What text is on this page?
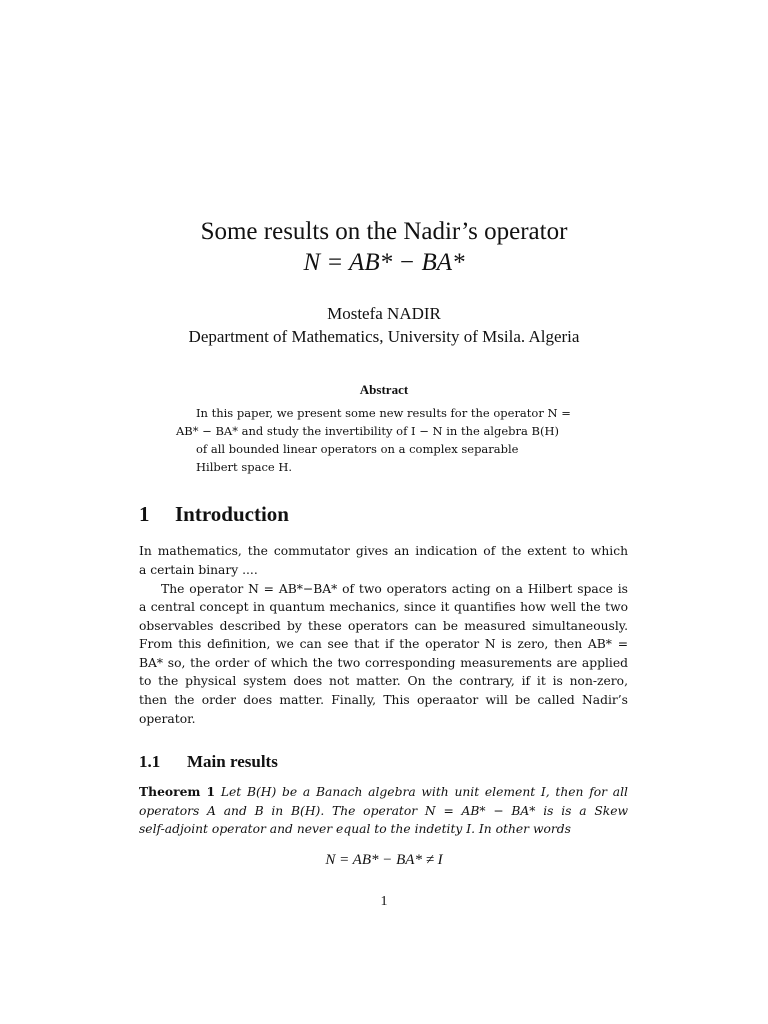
Some results on the Nadir’s operator
N = AB* − BA*
Mostefa NADIR
Department of Mathematics, University of Msila. Algeria
Abstract
In this paper, we present some new results for the operator N =
AB* − BA* and study the invertibility of I − N in the algebra B(H)
of all bounded linear operators on a complex separable
Hilbert space H.
1 Introduction
In mathematics, the commutator gives an indication of the extent to which
a certain binary ....
The operator N = AB*−BA* of two operators acting on a Hilbert space is
a central concept in quantum mechanics, since it quantifies how well the two
observables described by these operators can be measured simultaneously.
From this definition, we can see that if the operator N is zero, then AB* =
BA* so, the order of which the two corresponding measurements are applied
to the physical system does not matter. On the contrary, if it is non-zero,
then the order does matter. Finally, This operaator will be called Nadir’s
operator.
1.1 Main results
Theorem 1 Let B(H) be a Banach algebra with unit element I, then for all
operators A and B in B(H). The operator N = AB* − BA* is is a Skew
self-adjoint operator and never equal to the indetity I. In other words
N = AB* − BA* ≠ I
1
